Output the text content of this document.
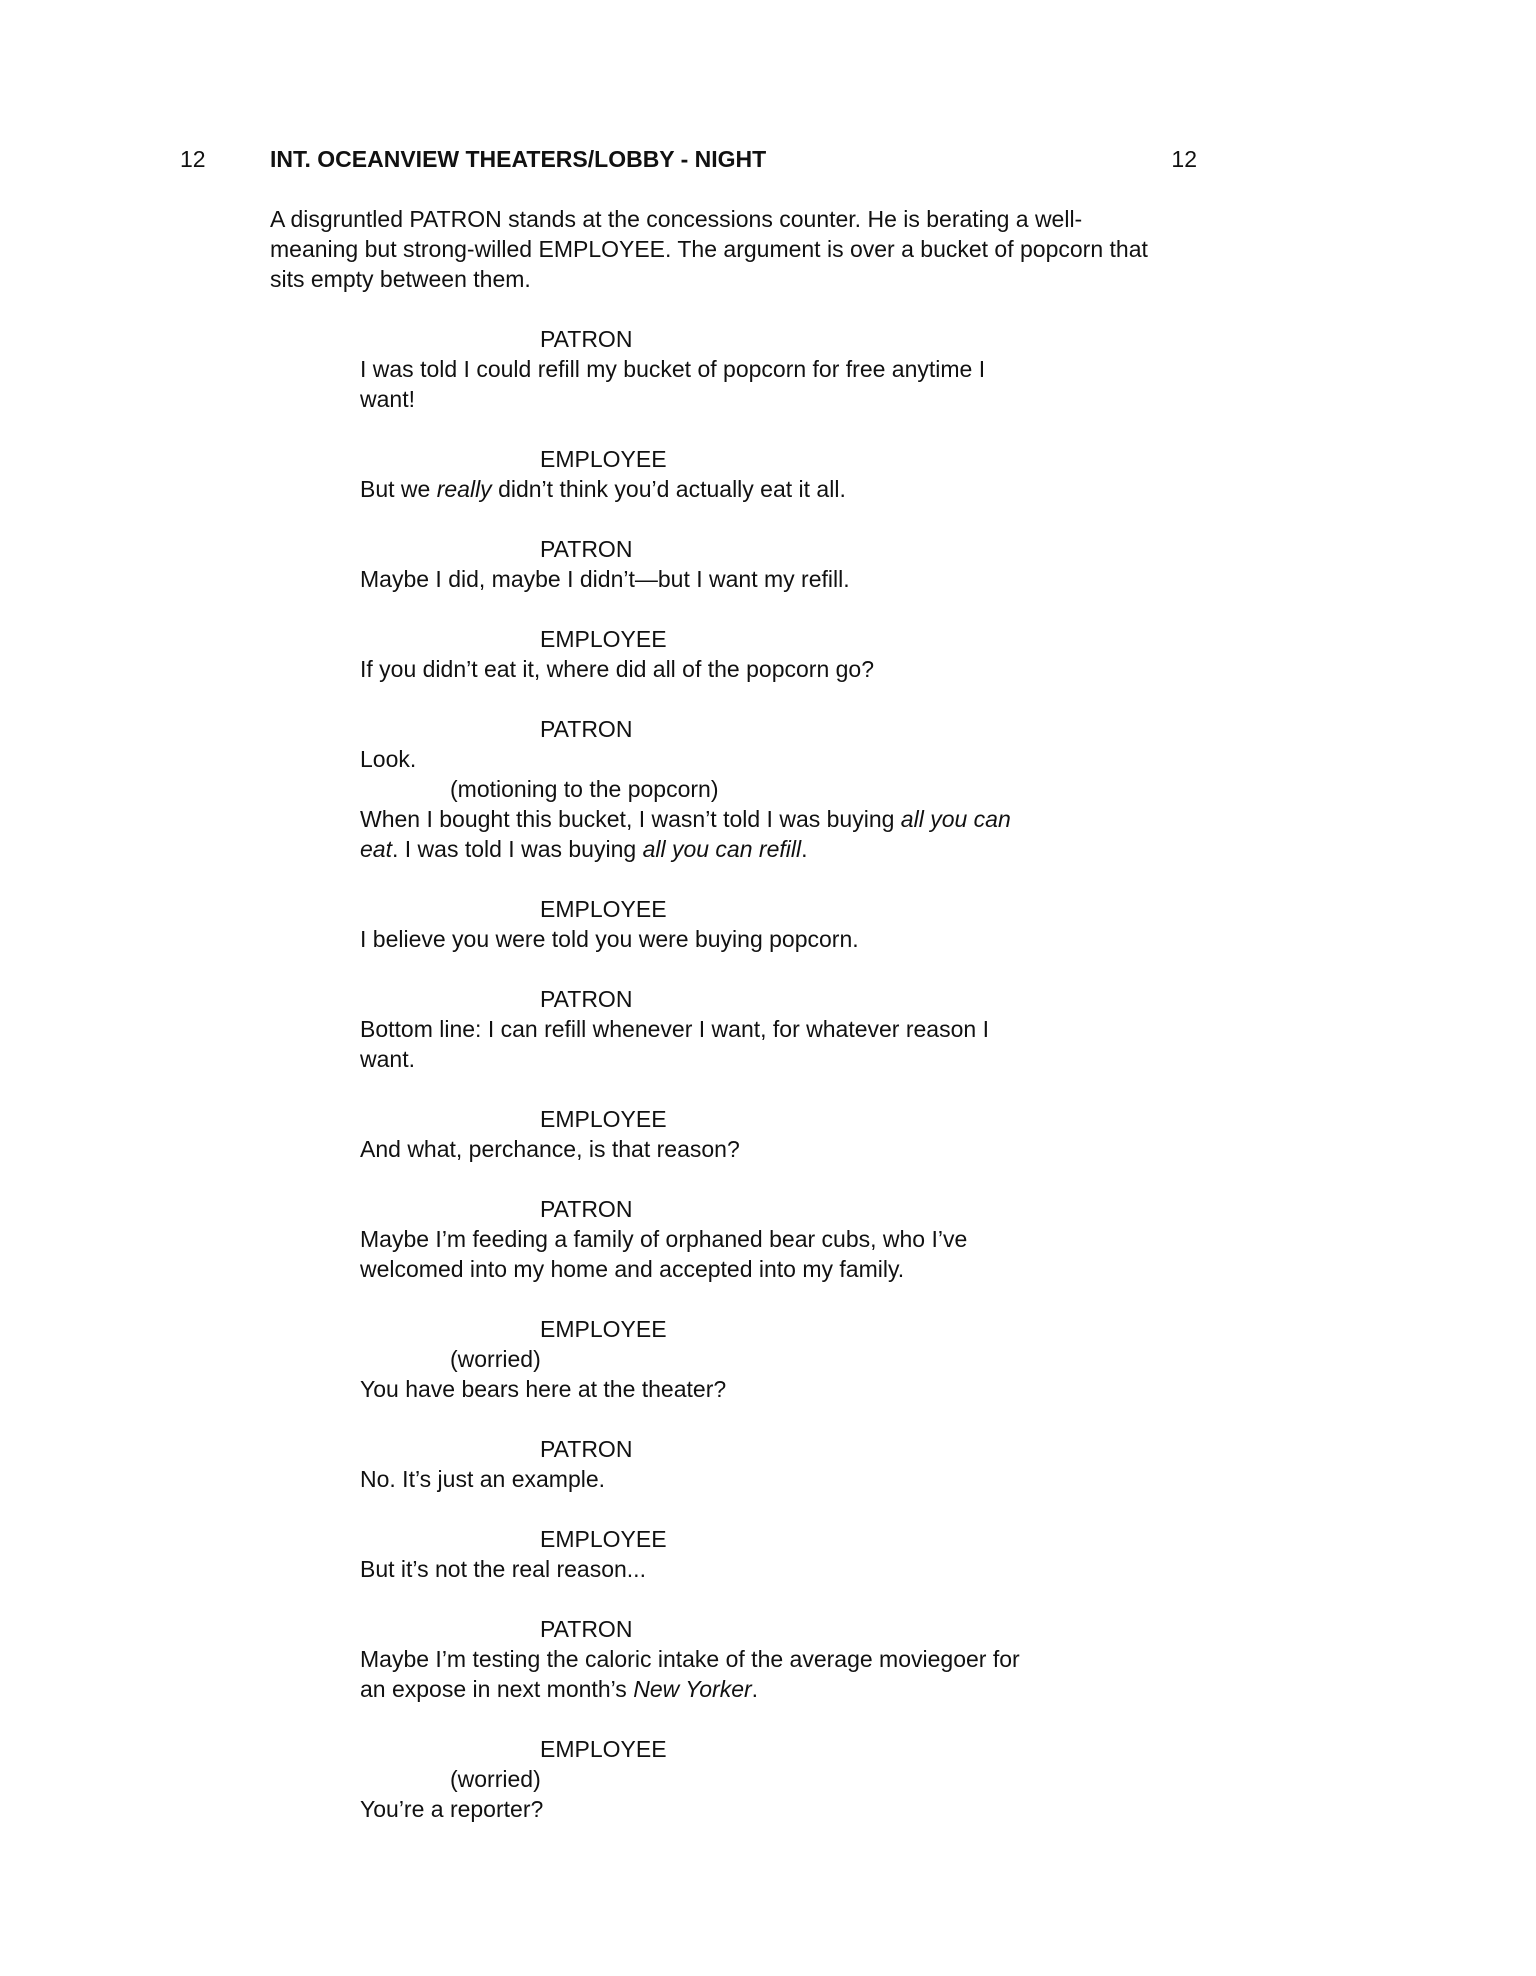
12	INT. OCEANVIEW THEATERS/LOBBY - NIGHT	12

A disgruntled PATRON stands at the concessions counter. He is berating a well-meaning but strong-willed EMPLOYEE. The argument is over a bucket of popcorn that sits empty between them.

PATRON
I was told I could refill my bucket of popcorn for free anytime I
want!
EMPLOYEE
But we really didn’t think you’d actually eat it all.
PATRON
Maybe I did, maybe I didn’t—but I want my refill.
EMPLOYEE
If you didn’t eat it, where did all of the popcorn go?
PATRON
Look.
(motioning to the popcorn)
When I bought this bucket, I wasn’t told I was buying all you can
eat. I was told I was buying all you can refill.
EMPLOYEE
I believe you were told you were buying popcorn.
PATRON
Bottom line: I can refill whenever I want, for whatever reason I
want.
EMPLOYEE
And what, perchance, is that reason?
PATRON
Maybe I’m feeding a family of orphaned bear cubs, who I’ve
welcomed into my home and accepted into my family.
EMPLOYEE
(worried)
You have bears here at the theater?
PATRON
No. It’s just an example.
EMPLOYEE
But it’s not the real reason...
PATRON
Maybe I’m testing the caloric intake of the average moviegoer for
an expose in next month’s New Yorker.
EMPLOYEE
(worried)
You’re a reporter?
